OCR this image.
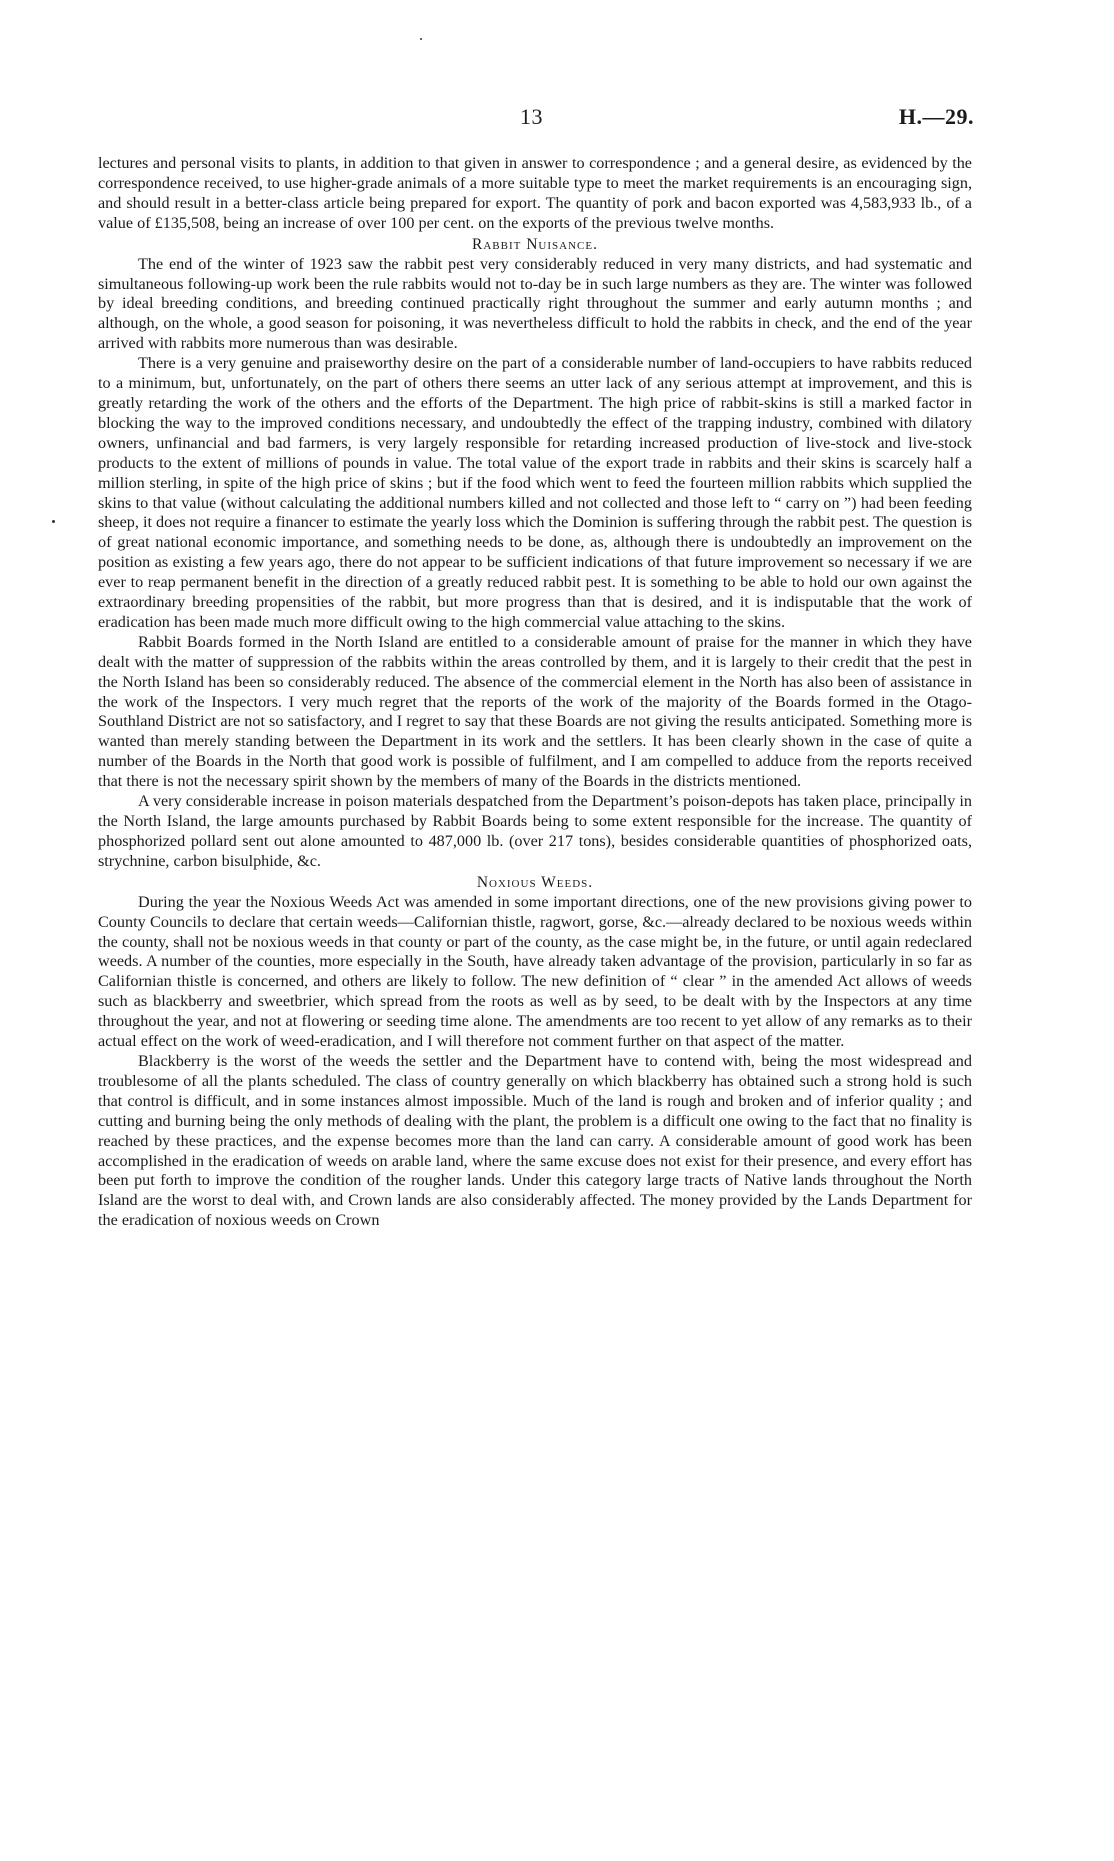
13	H.—29.

lectures and personal visits to plants, in addition to that given in answer to correspondence ; and a general desire, as evidenced by the correspondence received, to use higher-grade animals of a more suitable type to meet the market requirements is an encouraging sign, and should result in a better-class article being prepared for export. The quantity of pork and bacon exported was 4,583,933 lb., of a value of £135,508, being an increase of over 100 per cent. on the exports of the previous twelve months.

Rabbit Nuisance.

The end of the winter of 1923 saw the rabbit pest very considerably reduced in very many districts, and had systematic and simultaneous following-up work been the rule rabbits would not to-day be in such large numbers as they are. The winter was followed by ideal breeding conditions, and breeding continued practically right throughout the summer and early autumn months ; and although, on the whole, a good season for poisoning, it was nevertheless difficult to hold the rabbits in check, and the end of the year arrived with rabbits more numerous than was desirable.

There is a very genuine and praiseworthy desire on the part of a considerable number of land-occupiers to have rabbits reduced to a minimum, but, unfortunately, on the part of others there seems an utter lack of any serious attempt at improvement, and this is greatly retarding the work of the others and the efforts of the Department. The high price of rabbit-skins is still a marked factor in blocking the way to the improved conditions necessary, and undoubtedly the effect of the trapping industry, combined with dilatory owners, unfinancial and bad farmers, is very largely responsible for retarding increased production of live-stock and live-stock products to the extent of millions of pounds in value. The total value of the export trade in rabbits and their skins is scarcely half a million sterling, in spite of the high price of skins ; but if the food which went to feed the fourteen million rabbits which supplied the skins to that value (without calculating the additional numbers killed and not collected and those left to “ carry on ”) had been feeding sheep, it does not require a financer to estimate the yearly loss which the Dominion is suffering through the rabbit pest. The question is of great national economic importance, and something needs to be done, as, although there is undoubtedly an improvement on the position as existing a few years ago, there do not appear to be sufficient indications of that future improvement so necessary if we are ever to reap permanent benefit in the direction of a greatly reduced rabbit pest. It is something to be able to hold our own against the extraordinary breeding propensities of the rabbit, but more progress than that is desired, and it is indisputable that the work of eradication has been made much more difficult owing to the high commercial value attaching to the skins.

Rabbit Boards formed in the North Island are entitled to a considerable amount of praise for the manner in which they have dealt with the matter of suppression of the rabbits within the areas controlled by them, and it is largely to their credit that the pest in the North Island has been so considerably reduced. The absence of the commercial element in the North has also been of assistance in the work of the Inspectors. I very much regret that the reports of the work of the majority of the Boards formed in the Otago-Southland District are not so satisfactory, and I regret to say that these Boards are not giving the results anticipated. Something more is wanted than merely standing between the Department in its work and the settlers. It has been clearly shown in the case of quite a number of the Boards in the North that good work is possible of fulfilment, and I am compelled to adduce from the reports received that there is not the necessary spirit shown by the members of many of the Boards in the districts mentioned.

A very considerable increase in poison materials despatched from the Department’s poison-depots has taken place, principally in the North Island, the large amounts purchased by Rabbit Boards being to some extent responsible for the increase. The quantity of phosphorized pollard sent out alone amounted to 487,000 lb. (over 217 tons), besides considerable quantities of phosphorized oats, strychnine, carbon bisulphide, &c.

Noxious Weeds.

During the year the Noxious Weeds Act was amended in some important directions, one of the new provisions giving power to County Councils to declare that certain weeds—Californian thistle, ragwort, gorse, &c.—already declared to be noxious weeds within the county, shall not be noxious weeds in that county or part of the county, as the case might be, in the future, or until again redeclared weeds. A number of the counties, more especially in the South, have already taken advantage of the provision, particularly in so far as Californian thistle is concerned, and others are likely to follow. The new definition of “ clear ” in the amended Act allows of weeds such as blackberry and sweetbrier, which spread from the roots as well as by seed, to be dealt with by the Inspectors at any time throughout the year, and not at flowering or seeding time alone. The amendments are too recent to yet allow of any remarks as to their actual effect on the work of weed-eradication, and I will therefore not comment further on that aspect of the matter.

Blackberry is the worst of the weeds the settler and the Department have to contend with, being the most widespread and troublesome of all the plants scheduled. The class of country generally on which blackberry has obtained such a strong hold is such that control is difficult, and in some instances almost impossible. Much of the land is rough and broken and of inferior quality ; and cutting and burning being the only methods of dealing with the plant, the problem is a difficult one owing to the fact that no finality is reached by these practices, and the expense becomes more than the land can carry. A considerable amount of good work has been accomplished in the eradication of weeds on arable land, where the same excuse does not exist for their presence, and every effort has been put forth to improve the condition of the rougher lands. Under this category large tracts of Native lands throughout the North Island are the worst to deal with, and Crown lands are also considerably affected. The money provided by the Lands Department for the eradication of noxious weeds on Crown
